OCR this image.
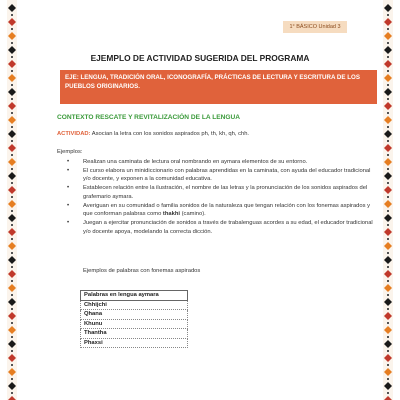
1° BÁSICO Unidad 3
EJEMPLO DE ACTIVIDAD SUGERIDA DEL PROGRAMA
EJE: LENGUA, TRADICIÓN ORAL, ICONOGRAFÍA, PRÁCTICAS DE LECTURA Y ESCRITURA DE LOS PUEBLOS ORIGINARIOS.
CONTEXTO RESCATE Y REVITALIZACIÓN DE LA LENGUA
ACTIVIDAD: Asocian la letra con los sonidos aspirados ph, th, kh, qh, chh.
Ejemplos:
• Realizan una caminata de lectura oral nombrando en aymara elementos de su entorno.
• El curso elabora un minidiccionario con palabras aprendidas en la caminata, con ayuda del educador tradicional y/o docente, y exponen a la comunidad educativa.
• Establecen relación entre la ilustración, el nombre de las letras y la pronunciación de los sonidos aspirados del grafemario aymara.
• Averiguan en su comunidad o familia sonidos de la naturaleza que tengan relación con los fonemas aspirados y que conforman palabras como thakhi (camino).
• Juegan a ejercitar pronunciación de sonidos a través de trabalenguas acordes a su edad, el educador tradicional y/o docente apoya, modelando la correcta dicción.
Ejemplos de palabras con fonemas aspirados
Palabras en lengua aymara
Chhijchi
Qhana
Khunu
Thantha
Phaxsi
